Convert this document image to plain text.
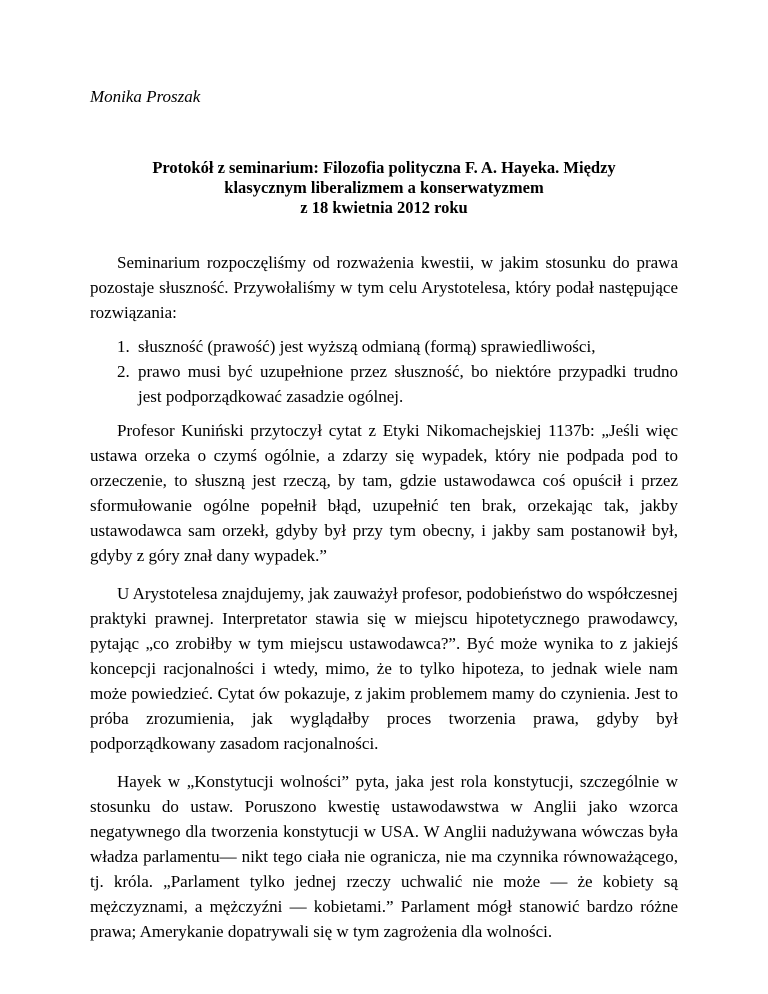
Monika Proszak
Protokół z seminarium: Filozofia polityczna F. A. Hayeka. Między
klasycznym liberalizmem a konserwatyzmem
z 18 kwietnia 2012 roku

Seminarium rozpoczęliśmy od rozważenia kwestii, w jakim stosunku do prawa pozostaje słuszność. Przywołaliśmy w tym celu Arystotelesa, który podał następujące rozwiązania:

1. słuszność (prawość) jest wyższą odmianą (formą) sprawiedliwości,
2. prawo musi być uzupełnione przez słuszność, bo niektóre przypadki trudno jest podporządkować zasadzie ogólnej.

Profesor Kuniński przytoczył cytat z Etyki Nikomachejskiej 1137b: „Jeśli więc ustawa orzeka o czymś ogólnie, a zdarzy się wypadek, który nie podpada pod to orzeczenie, to słuszną jest rzeczą, by tam, gdzie ustawodawca coś opuścił i przez sformułowanie ogólne popełnił błąd, uzupełnić ten brak, orzekając tak, jakby ustawodawca sam orzekł, gdyby był przy tym obecny, i jakby sam postanowił był, gdyby z góry znał dany wypadek.”

U Arystotelesa znajdujemy, jak zauważył profesor, podobieństwo do współczesnej praktyki prawnej. Interpretator stawia się w miejscu hipotetycznego prawodawcy, pytając „co zrobiłby w tym miejscu ustawodawca?”. Być może wynika to z jakiejś koncepcji racjonalności i wtedy, mimo, że to tylko hipoteza, to jednak wiele nam może powiedzieć. Cytat ów pokazuje, z jakim problemem mamy do czynienia. Jest to próba zrozumienia, jak wyglądałby proces tworzenia prawa, gdyby był podporządkowany zasadom racjonalności.

Hayek w „Konstytucji wolności” pyta, jaka jest rola konstytucji, szczególnie w stosunku do ustaw. Poruszono kwestię ustawodawstwa w Anglii jako wzorca negatywnego dla tworzenia konstytucji w USA. W Anglii nadużywana wówczas była władza parlamentu— nikt tego ciała nie ogranicza, nie ma czynnika równoważącego, tj. króla. „Parlament tylko jednej rzeczy uchwalić nie może — że kobiety są mężczyznami, a mężczyźni — kobietami.” Parlament mógł stanowić bardzo różne prawa; Amerykanie dopatrywali się w tym zagrożenia dla wolności.
